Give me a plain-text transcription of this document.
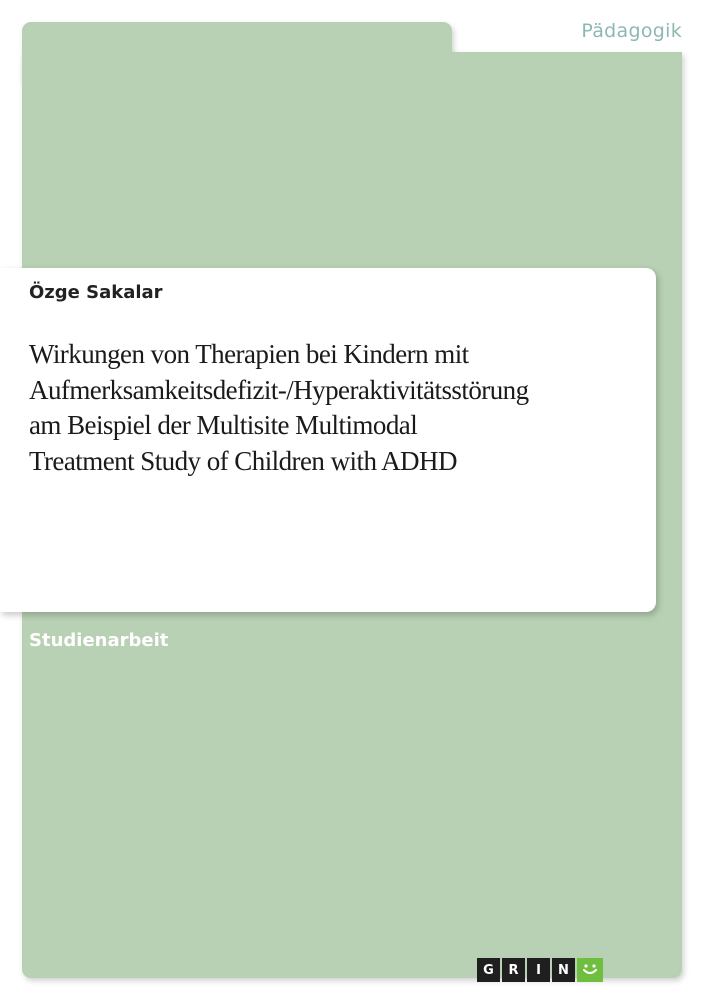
Pädagogik
Özge Sakalar
Wirkungen von Therapien bei Kindern mit
Aufmerksamkeitsdefizit-/Hyperaktivitätsstörung
am Beispiel der Multisite Multimodal
Treatment Study of Children with ADHD
Studienarbeit
G	R	I	N
